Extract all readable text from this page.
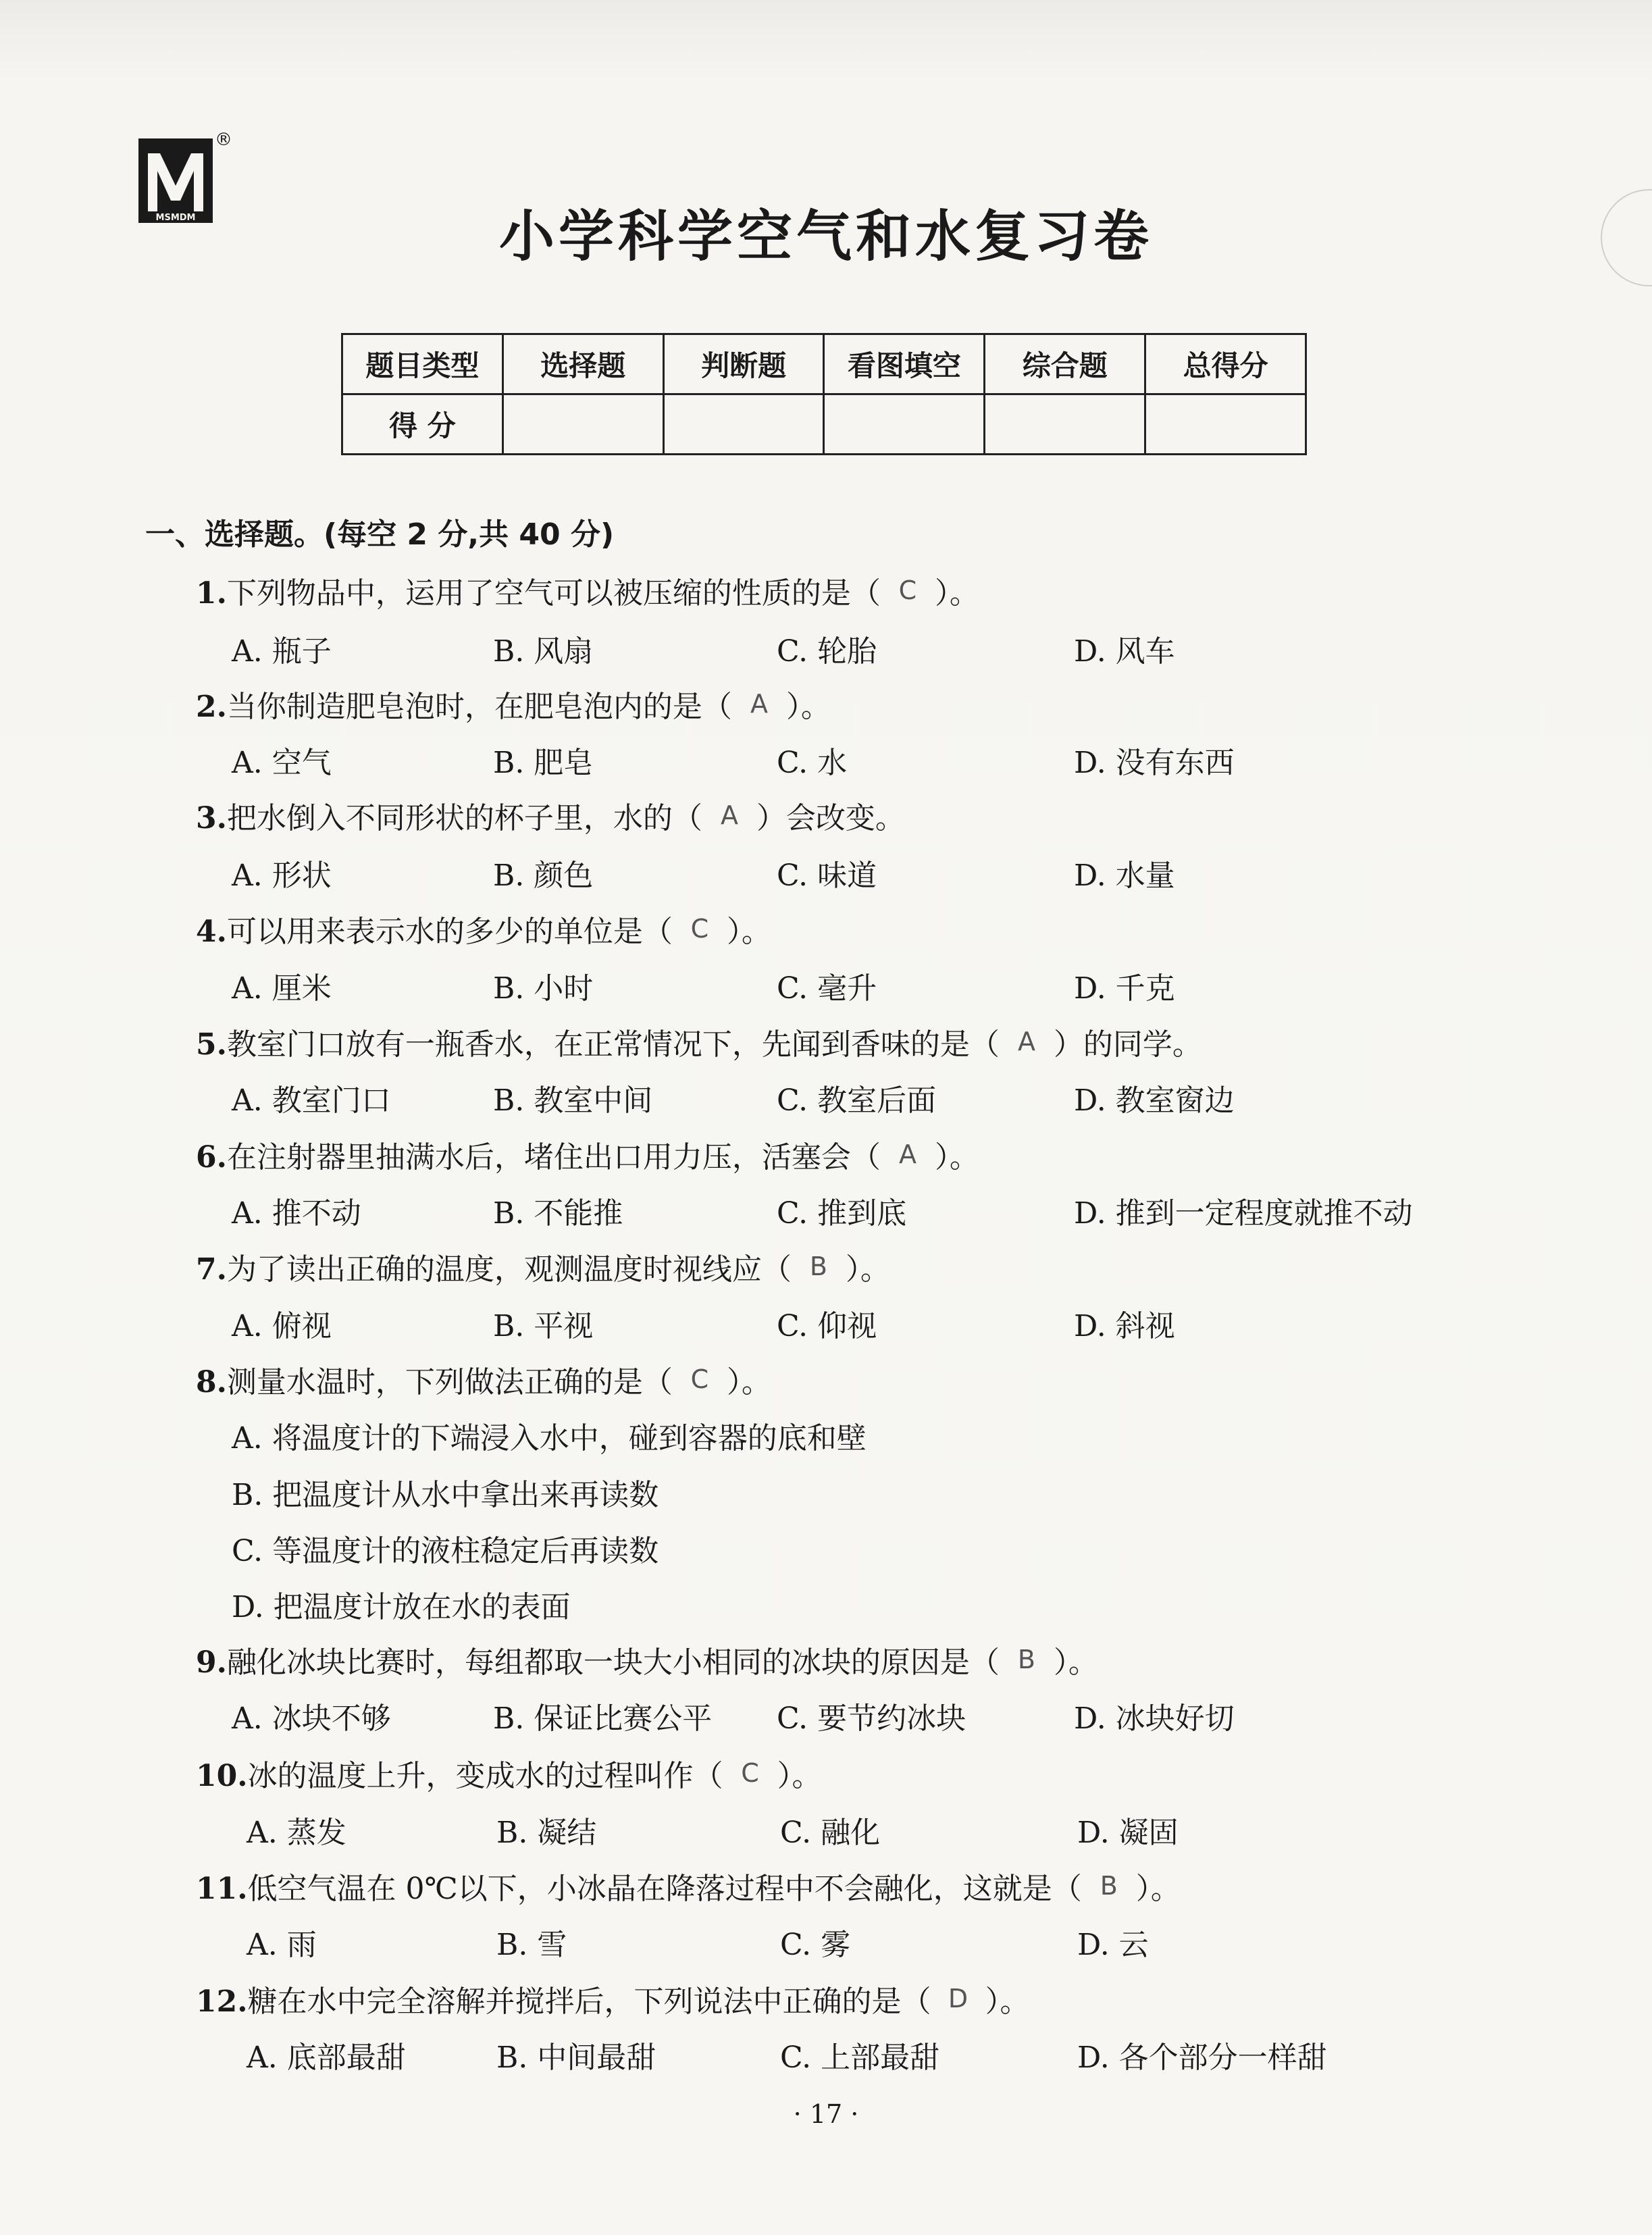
MSMDM
®
小学科学空气和水复习卷
题目类型	选择题	判断题	看图填空	综合题	总得分
得 分					
一、选择题。(每空 2 分,共 40 分)
1.下列物品中，运用了空气可以被压缩的性质的是（ C ）。
A. 瓶子	B. 风扇	C. 轮胎	D. 风车
2.当你制造肥皂泡时，在肥皂泡内的是（ A ）。
A. 空气	B. 肥皂	C. 水	D. 没有东西
3.把水倒入不同形状的杯子里，水的（ A ）会改变。
A. 形状	B. 颜色	C. 味道	D. 水量
4.可以用来表示水的多少的单位是（ C ）。
A. 厘米	B. 小时	C. 毫升	D. 千克
5.教室门口放有一瓶香水，在正常情况下，先闻到香味的是（ A ）的同学。
A. 教室门口	B. 教室中间	C. 教室后面	D. 教室窗边
6.在注射器里抽满水后，堵住出口用力压，活塞会（ A ）。
A. 推不动	B. 不能推	C. 推到底	D. 推到一定程度就推不动
7.为了读出正确的温度，观测温度时视线应（ B ）。
A. 俯视	B. 平视	C. 仰视	D. 斜视
8.测量水温时，下列做法正确的是（ C ）。
A. 将温度计的下端浸入水中，碰到容器的底和壁
B. 把温度计从水中拿出来再读数
C. 等温度计的液柱稳定后再读数
D. 把温度计放在水的表面
9.融化冰块比赛时，每组都取一块大小相同的冰块的原因是（ B ）。
A. 冰块不够	B. 保证比赛公平 C. 要节约冰块	D. 冰块好切
10.冰的温度上升，变成水的过程叫作（ C ）。
A. 蒸发	B. 凝结	C. 融化	D. 凝固
11.低空气温在 0℃以下，小冰晶在降落过程中不会融化，这就是（ B ）。
A. 雨	B. 雪	C. 雾	D. 云
12.糖在水中完全溶解并搅拌后，下列说法中正确的是（ D ）。
A. 底部最甜	B. 中间最甜	C. 上部最甜	D. 各个部分一样甜
· 17 ·
